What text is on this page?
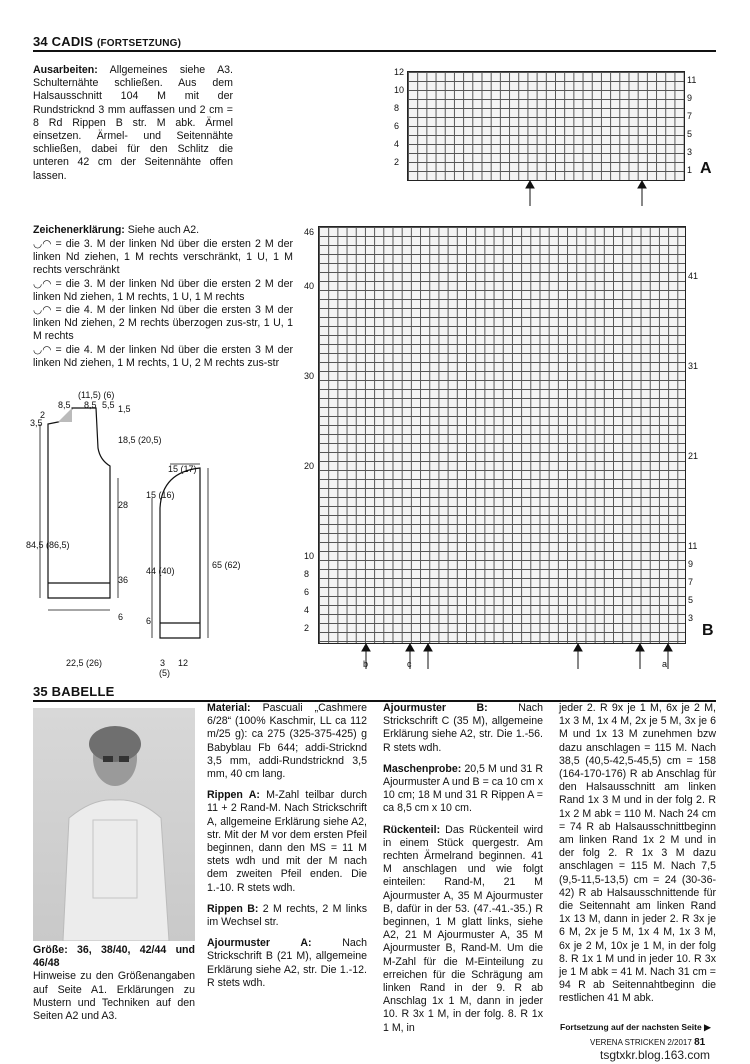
34 CADIS (FORTSETZUNG)
Ausarbeiten: Allgemeines siehe A3. Schulternähte schließen. Aus dem Halsausschnitt 104 M mit der Rundstricknd 3 mm auffassen und 2 cm = 8 Rd Rippen B str. M abk. Ärmel einsetzen. Ärmel- und Seitennähte schließen, dabei für den Schlitz die unteren 42 cm der Seitennähte offen lassen.
12
10
8
6
4
2
11
9
7
5
3
1 A
Zeichenerklärung: Siehe auch A2.
◡◠ = die 3. M der linken Nd über die ersten 2 M der linken Nd ziehen, 1 M rechts verschränkt, 1 U, 1 M rechts verschränkt
◡◠ = die 3. M der linken Nd über die ersten 2 M der linken Nd ziehen, 1 M rechts, 1 U, 1 M rechts
◡◠ = die 4. M der linken Nd über die ersten 3 M der linken Nd ziehen, 2 M rechts überzogen zus-str, 1 U, 1 M rechts
◡◠ = die 4. M der linken Nd über die ersten 3 M der linken Nd ziehen, 1 M rechts, 1 U, 2 M rechts zus-str
46
40
30
20
10
8
6
4
2
41
31
21
11
9
7
5
3
B
b	c	a
(11,5) (6)
8,5 8,5 5,5 1,5
3,5
2
84,5 (86,5)
18,5 (20,5)
28
36
6
22,5 (26)
15 (17)
15 (16)
44 (40)
65 (62)
6
3
(5)
12
35 BABELLE
Größe: 36, 38/40, 42/44 und 46/48
Hinweise zu den Größenangaben auf Seite A1. Erklärungen zu Mustern und Techniken auf den Seiten A2 und A3.

Material: Pascuali „Cashmere 6/28“ (100% Kaschmir, LL ca 112 m/25 g): ca 275 (325-375-425) g Babyblau Fb 644; addi-Stricknd 3,5 mm, addi-Rundstricknd 3,5 mm, 40 cm lang.

Rippen A: M-Zahl teilbar durch 11 + 2 Rand-M. Nach Strickschrift A, allgemeine Erklärung siehe A2, str. Mit der M vor dem ersten Pfeil beginnen, dann den MS = 11 M stets wdh und mit der M nach dem zweiten Pfeil enden. Die 1.-10. R stets wdh.

Rippen B: 2 M rechts, 2 M links im Wechsel str.

Ajourmuster A: Nach Strickschrift B (21 M), allgemeine Erklärung siehe A2, str. Die 1.-12. R stets wdh.

Ajourmuster B: Nach Strickschrift C (35 M), allgemeine Erklärung siehe A2, str. Die 1.-56. R stets wdh.

Maschenprobe: 20,5 M und 31 R Ajourmuster A und B = ca 10 cm x 10 cm; 18 M und 31 R Rippen A = ca 8,5 cm x 10 cm.

Rückenteil: Das Rückenteil wird in einem Stück quergestr. Am rechten Ärmelrand beginnen. 41 M anschlagen und wie folgt einteilen: Rand-M, 21 M Ajourmuster A, 35 M Ajourmuster B, dafür in der 53. (47.-41.-35.) R beginnen, 1 M glatt links, siehe A2, 21 M Ajourmuster A, 35 M Ajourmuster B, Rand-M. Um die M-Zahl für die M-Einteilung zu erreichen für die Schrägung am linken Rand in der 9. R ab Anschlag 1x 1 M, dann in jeder 10. R 3x 1 M, in der folg. 8. R 1x 1 M, in

jeder 2. R 9x je 1 M, 6x je 2 M, 1x 3 M, 1x 4 M, 2x je 5 M, 3x je 6 M und 1x 13 M zunehmen bzw dazu anschlagen = 115 M. Nach 38,5 (40,5-42,5-45,5) cm = 158 (164-170-176) R ab Anschlag für den Halsausschnitt am linken Rand 1x 3 M und in der folg 2. R 1x 2 M abk = 110 M. Nach 24 cm = 74 R ab Halsausschnittbeginn am linken Rand 1x 2 M und in der folg 2. R 1x 3 M dazu anschlagen = 115 M. Nach 7,5 (9,5-11,5-13,5) cm = 24 (30-36-42) R ab Halsausschnittende für die Seitennaht am linken Rand 1x 13 M, dann in jeder 2. R 3x je 6 M, 2x je 5 M, 1x 4 M, 1x 3 M, 6x je 2 M, 10x je 1 M, in der folg 8. R 1x 1 M und in jeder 10. R 3x je 1 M abk = 41 M. Nach 31 cm = 94 R ab Seitennahtbeginn die restlichen 41 M abk.
Fortsetzung auf der nachsten Seite ▶
VERENA STRICKEN 2/2017 81
tsgtxkr.blog.163.com
